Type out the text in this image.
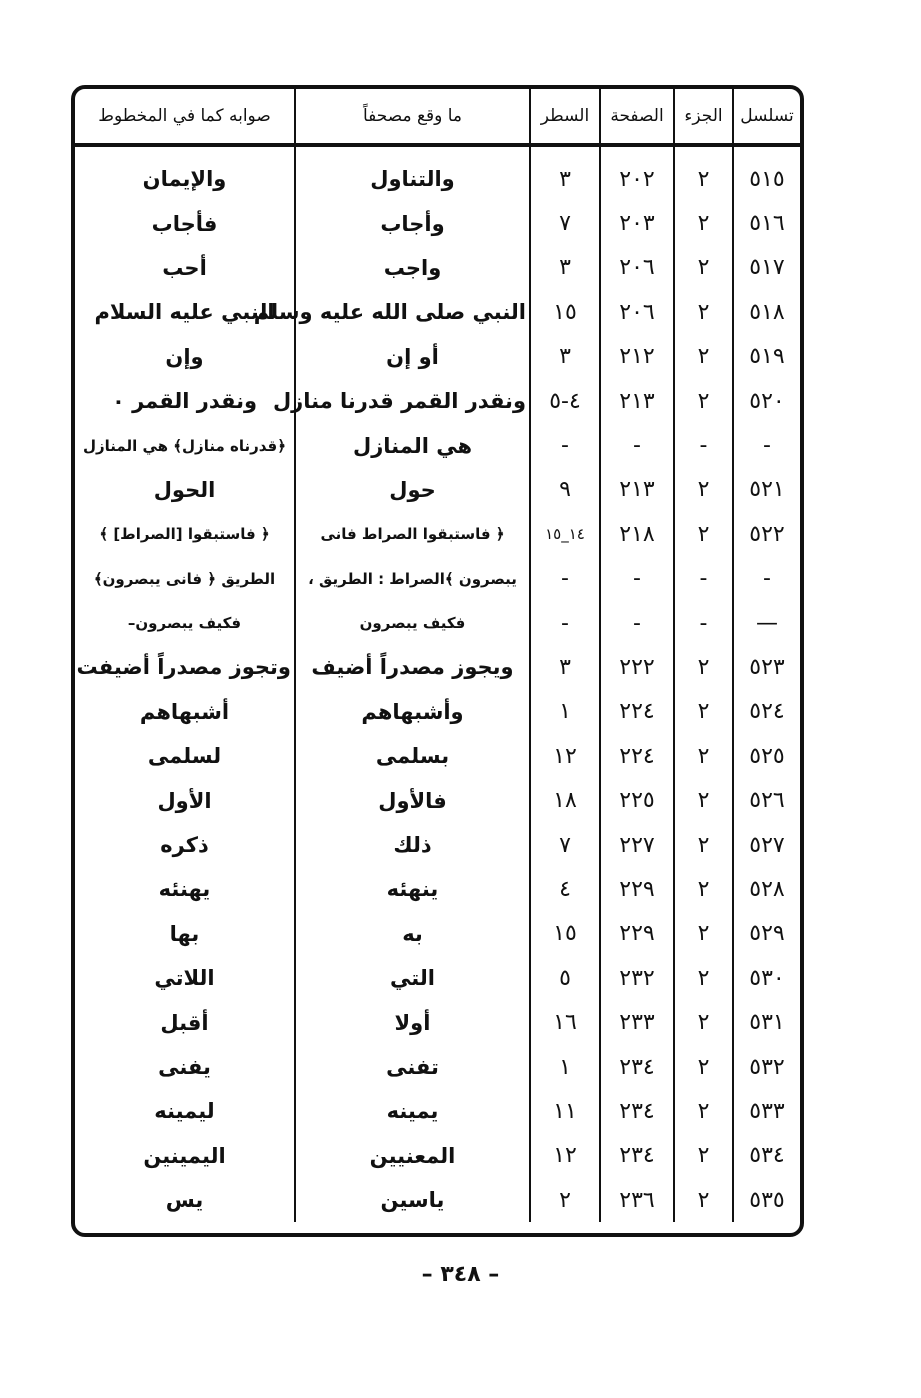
تسلسل	الجزء	الصفحة	السطر	ما وقع مصحفاً	صوابه كما في المخطوط
٥١٥	٢	٢٠٢	٣	والتناول	والإيمان
٥١٦	٢	٢٠٣	٧	وأجاب	فأجاب
٥١٧	٢	٢٠٦	٣	واجب	أحب
٥١٨	٢	٢٠٦	١٥	النبي صلى الله عليه وسلم	النبي عليه السلام
٥١٩	٢	٢١٢	٣	أو إن	وإن
٥٢٠	٢	٢١٣	٤-٥	ونقدر القمر قدرنا منازل	ونقدر القمر ٠
-	-	-	-	هي المنازل	﴿قدرناه منازل﴾ هي المنازل
٥٢١	٢	٢١٣	٩	حول	الحول
٥٢٢	٢	٢١٨	١٤_١٥	﴿ فاستبقوا الصراط فانى	﴿ فاستبقوا [الصراط] ﴾
-	-	-	-	يبصرون ﴾الصراط : الطريق ،	الطريق ﴿ فانى يبصرون﴾
—	-	-	-	فكيف يبصرون	فكيف يبصرون–
٥٢٣	٢	٢٢٢	٣	ويجوز مصدراً أضيف	وتجوز مصدراً أضيفت
٥٢٤	٢	٢٢٤	١	وأشبهاهم	أشبهاهم
٥٢٥	٢	٢٢٤	١٢	بسلمى	لسلمى
٥٢٦	٢	٢٢٥	١٨	فالأول	الأول
٥٢٧	٢	٢٢٧	٧	ذلك	ذكره
٥٢٨	٢	٢٢٩	٤	ينهئه	يهنئه
٥٢٩	٢	٢٢٩	١٥	به	بها
٥٣٠	٢	٢٣٢	٥	التي	اللاتي
٥٣١	٢	٢٣٣	١٦	أولا	أقبل
٥٣٢	٢	٢٣٤	١	تفنى	يفنى
٥٣٣	٢	٢٣٤	١١	يمينه	ليمينه
٥٣٤	٢	٢٣٤	١٢	المعنيين	اليمينين
٥٣٥	٢	٢٣٦	٢	ياسين	يس
– ٣٤٨ –
